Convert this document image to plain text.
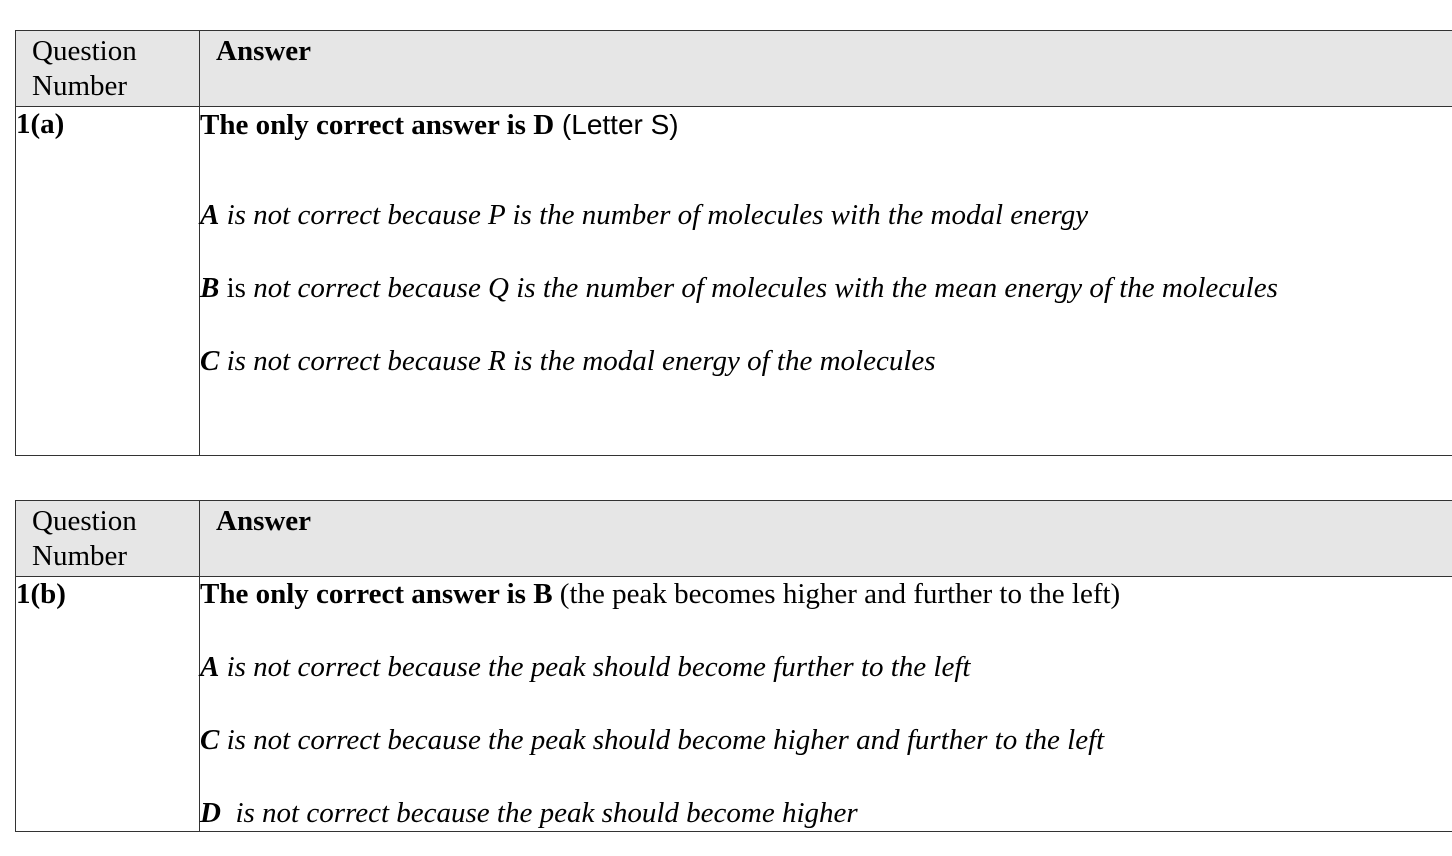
Question
Number	Answer
1(a)	The only correct answer is D (Letter S)
A is not correct because P is the number of molecules with the modal energy
B is not correct because Q is the number of molecules with the mean energy of the molecules
C is not correct because R is the modal energy of the molecules
Question
Number	Answer
1(b)	The only correct answer is B (the peak becomes higher and further to the left)
A is not correct because the peak should become further to the left
C is not correct because the peak should become higher and further to the left
D  is not correct because the peak should become higher
